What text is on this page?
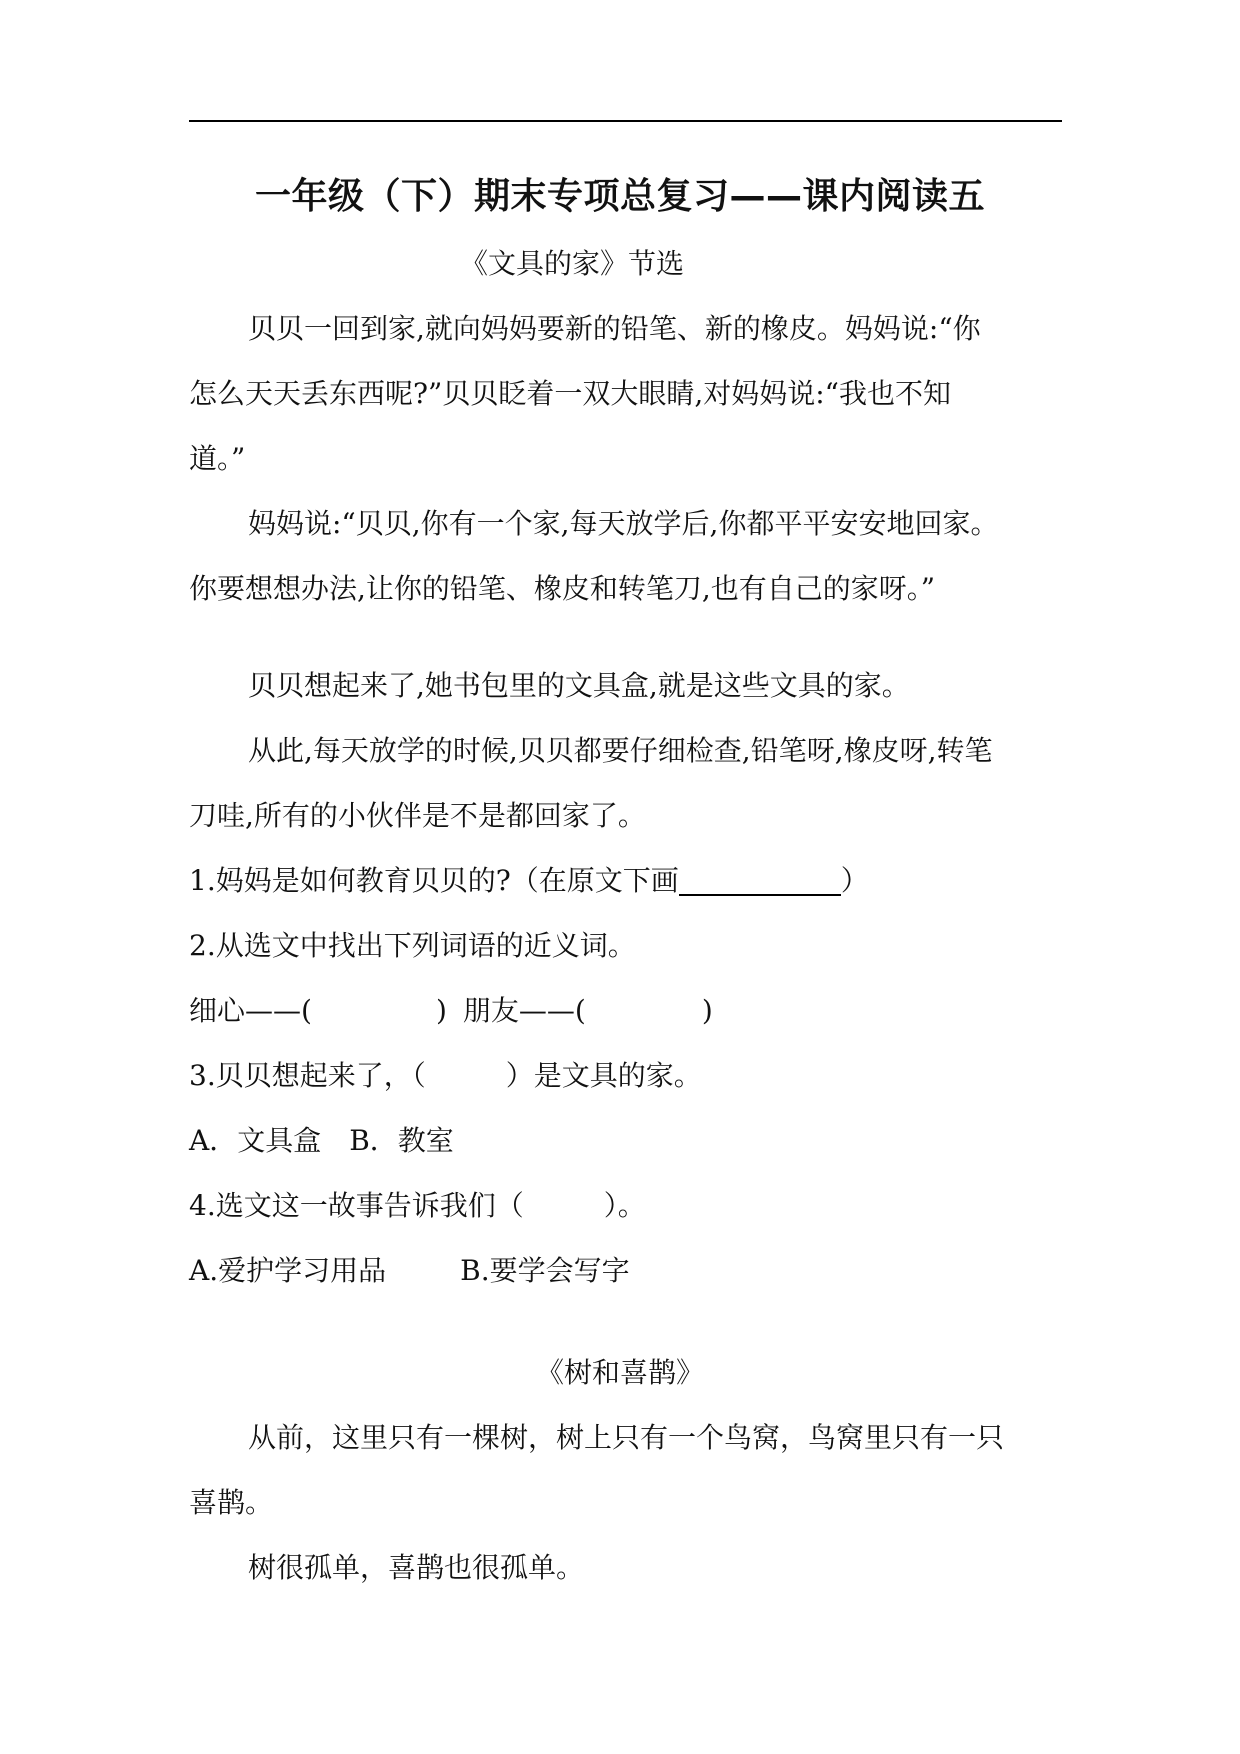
一年级（下）期末专项总复习——课内阅读五
《文具的家》节选
贝贝一回到家,就向妈妈要新的铅笔、新的橡皮。妈妈说:“你
怎么天天丢东西呢?”贝贝眨着一双大眼睛,对妈妈说:“我也不知
道。”
妈妈说:“贝贝,你有一个家,每天放学后,你都平平安安地回家。
你要想想办法,让你的铅笔、橡皮和转笔刀,也有自己的家呀。”
贝贝想起来了,她书包里的文具盒,就是这些文具的家。
从此,每天放学的时候,贝贝都要仔细检查,铅笔呀,橡皮呀,转笔
刀哇,所有的小伙伴是不是都回家了。
1.妈妈是如何教育贝贝的?（在原文下画	）
2.从选文中找出下列词语的近义词。
细心——(	) 朋友——(	)
3.贝贝想起来了，（	）是文具的家。
A．文具盒　B．教室
4.选文这一故事告诉我们（	）。
A.爱护学习用品	B.要学会写字
《树和喜鹊》
从前，这里只有一棵树，树上只有一个鸟窝，鸟窝里只有一只
喜鹊。
树很孤单，喜鹊也很孤单。
